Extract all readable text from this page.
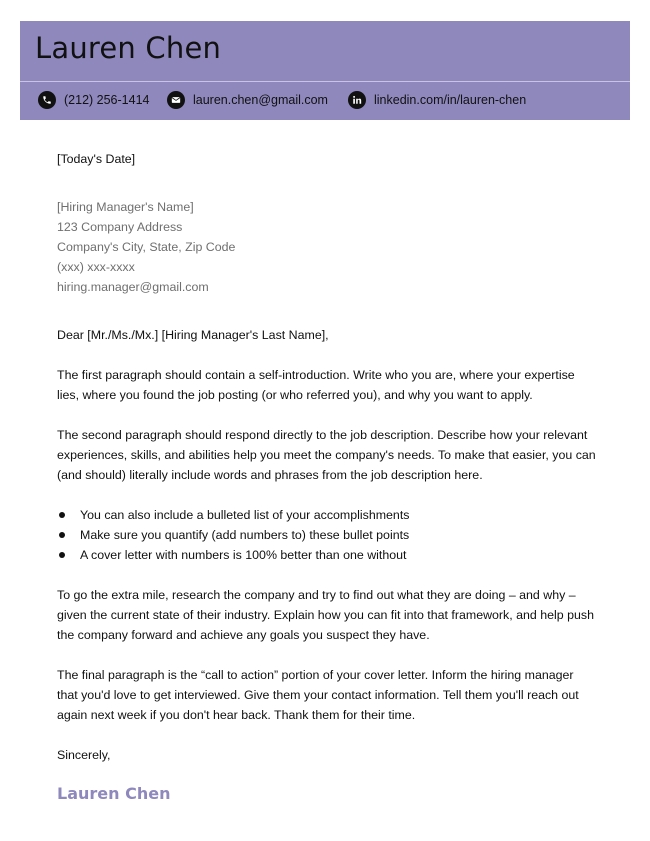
Lauren Chen
(212) 256-1414	lauren.chen@gmail.com	linkedin.com/in/lauren-chen
[Today's Date]
[Hiring Manager's Name]
123 Company Address
Company's City, State, Zip Code
(xxx) xxx-xxxx
hiring.manager@gmail.com
Dear [Mr./Ms./Mx.] [Hiring Manager's Last Name],
The first paragraph should contain a self-introduction. Write who you are, where your expertise lies, where you found the job posting (or who referred you), and why you want to apply.
The second paragraph should respond directly to the job description. Describe how your relevant experiences, skills, and abilities help you meet the company's needs. To make that easier, you can (and should) literally include words and phrases from the job description here.
You can also include a bulleted list of your accomplishments
Make sure you quantify (add numbers to) these bullet points
A cover letter with numbers is 100% better than one without
To go the extra mile, research the company and try to find out what they are doing – and why – given the current state of their industry. Explain how you can fit into that framework, and help push the company forward and achieve any goals you suspect they have.
The final paragraph is the “call to action” portion of your cover letter. Inform the hiring manager that you'd love to get interviewed. Give them your contact information. Tell them you'll reach out again next week if you don't hear back. Thank them for their time.
Sincerely,
Lauren Chen
